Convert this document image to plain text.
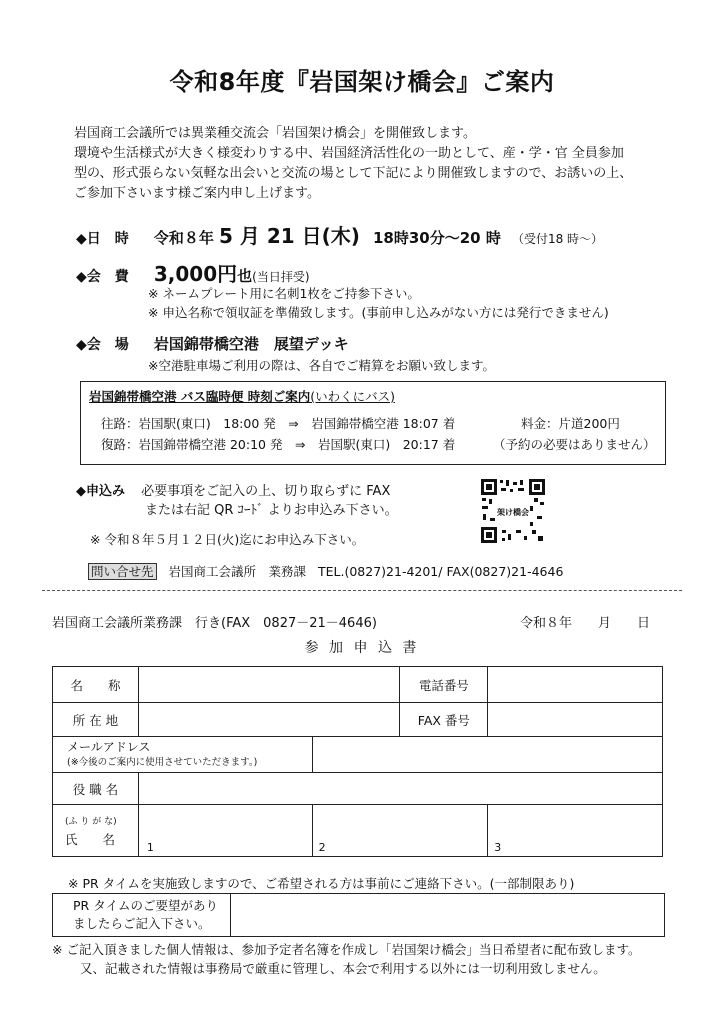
令和8年度『岩国架け橋会』ご案内
岩国商工会議所では異業種交流会「岩国架け橋会」を開催致します。
環境や生活様式が大きく様変わりする中、岩国経済活性化の一助として、産・学・官 全員参加
型の、形式張らない気軽な出会いと交流の場として下記により開催致しますので、お誘いの上、
ご参加下さいます様ご案内申し上げます。
◆日　時 令和８年 5 月 21 日(木) 18時30分～20 時 （受付18 時～）
◆会　費 3,000円也(当日拝受)
※ ネームプレート用に名刺1枚をご持参下さい。
※ 申込名称で領収証を準備致します。(事前申し込みがない方には発行できません)
◆会　場 岩国錦帯橋空港　展望デッキ
※空港駐車場ご利用の際は、各自でご精算をお願い致します。
岩国錦帯橋空港 バス臨時便 時刻ご案内(いわくにバス)
往路：岩国駅(東口)　18:00 発　⇒　岩国錦帯橋空港 18:07 着	料金：片道200円
復路：岩国錦帯橋空港 20:10 発　⇒　岩国駅(東口)　20:17 着	（予約の必要はありません）
◆申込み 必要事項をご記入の上、切り取らずに FAX
または右記 QR ｺｰﾄﾞ よりお申込み下さい。
※ 令和８年５月１２日(火)迄にお申込み下さい。
架け橋会
問い合せ先 岩国商工会議所　業務課 TEL.(0827)21-4201/ FAX(0827)21-4646
岩国商工会議所業務課　行き(FAX　0827－21－4646)	令和８年　　月　　日
参 加 申 込 書
名　　称			電話番号	
所 在 地			FAX 番号	

メールアドレス
(※今後のご案内に使用させていただきます。)				

役 職 名				

(ふ り が な)
氏　　名	1	2		3
※ PR タイムを実施致しますので、ご希望される方は事前にご連絡下さい。(一部制限あり)
PR タイムのご要望があり
ましたらご記入下さい。
※ ご記入頂きました個人情報は、参加予定者名簿を作成し「岩国架け橋会」当日希望者に配布致します。
又、記載された情報は事務局で厳重に管理し、本会で利用する以外には一切利用致しません。
